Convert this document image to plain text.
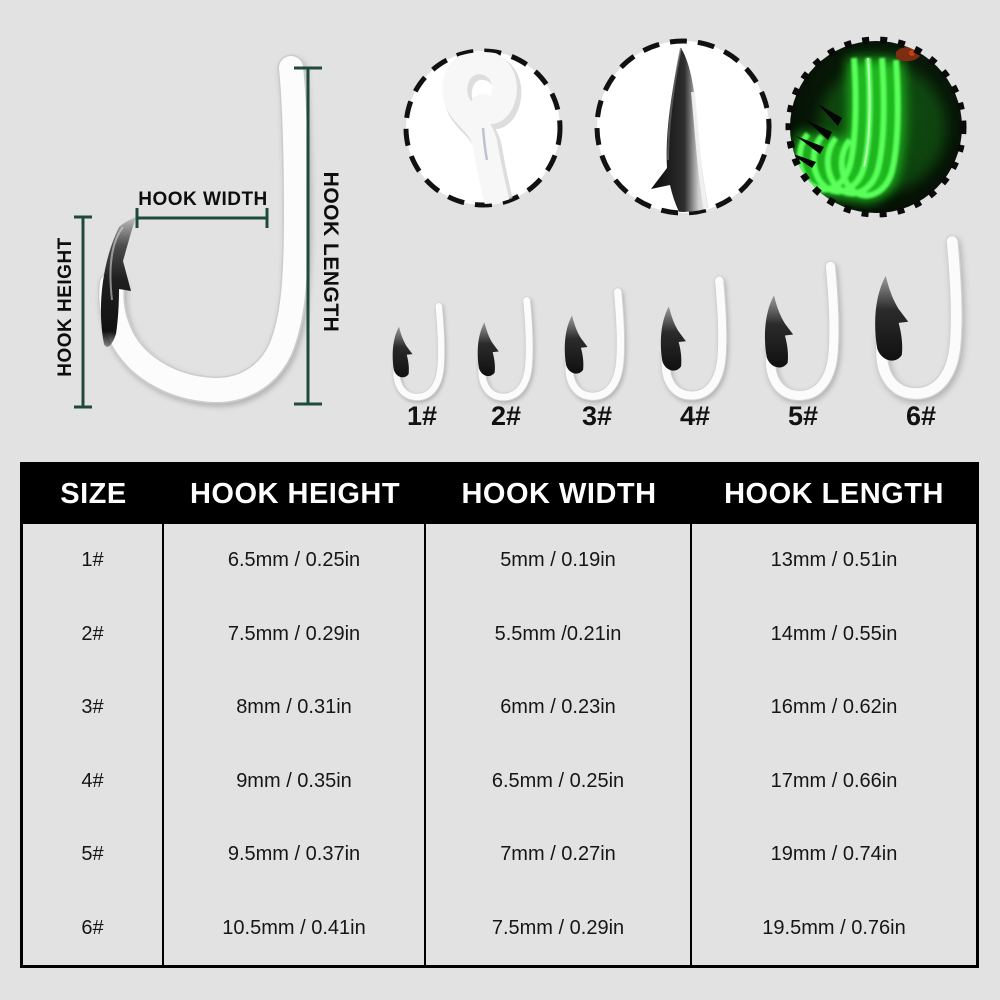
HOOK WIDTH
HOOK HEIGHT	HOOK LENGTH
1# 2# 3#	4#	5#	6#
SIZE	HOOK HEIGHT	HOOK WIDTH	HOOK LENGTH
1#	6.5mm / 0.25in	5mm / 0.19in	13mm / 0.51in
2#	7.5mm / 0.29in	5.5mm /0.21in	14mm / 0.55in
3#	8mm / 0.31in	6mm / 0.23in	16mm / 0.62in
4#	9mm / 0.35in	6.5mm / 0.25in	17mm / 0.66in
5#	9.5mm / 0.37in	7mm / 0.27in	19mm / 0.74in
6#	10.5mm / 0.41in	7.5mm / 0.29in	19.5mm / 0.76in
